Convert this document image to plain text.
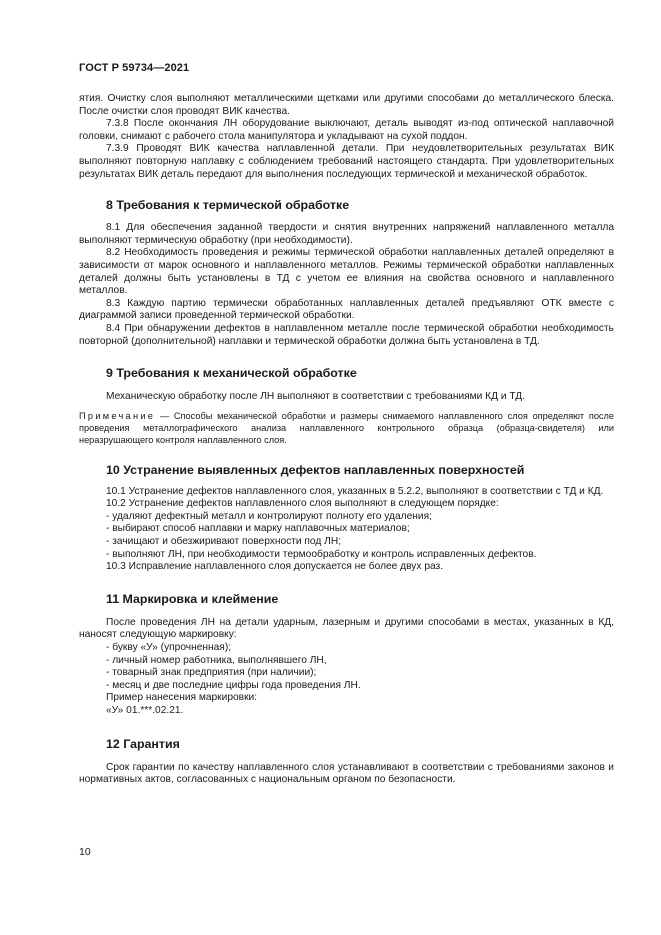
ГОСТ Р 59734—2021

ятия. Очистку слоя выполняют металлическими щетками или другими способами до металлического блеска. После очистки слоя проводят ВИК качества.

7.3.8 После окончания ЛН оборудование выключают, деталь выводят из-под оптической наплавочной головки, снимают с рабочего стола манипулятора и укладывают на сухой поддон.

7.3.9 Проводят ВИК качества наплавленной детали. При неудовлетворительных результатах ВИК выполняют повторную наплавку с соблюдением требований настоящего стандарта. При удовлетворительных результатах ВИК деталь передают для выполнения последующих термической и механической обработок.

8 Требования к термической обработке

8.1 Для обеспечения заданной твердости и снятия внутренних напряжений наплавленного металла выполняют термическую обработку (при необходимости).

8.2 Необходимость проведения и режимы термической обработки наплавленных деталей определяют в зависимости от марок основного и наплавленного металлов. Режимы термической обработки наплавленных деталей должны быть установлены в ТД с учетом ее влияния на свойства основного и наплавленного металлов.

8.3 Каждую партию термически обработанных наплавленных деталей предъявляют ОТК вместе с диаграммой записи проведенной термической обработки.

8.4 При обнаружении дефектов в наплавленном металле после термической обработки необходимость повторной (дополнительной) наплавки и термической обработки должна быть установлена в ТД.

9 Требования к механической обработке

Механическую обработку после ЛН выполняют в соответствии с требованиями КД и ТД.

Примечание — Способы механической обработки и размеры снимаемого наплавленного слоя определяют после проведения металлографического анализа наплавленного контрольного образца (образца-свидетеля) или неразрушающего контроля наплавленного слоя.

10 Устранение выявленных дефектов наплавленных поверхностей

10.1 Устранение дефектов наплавленного слоя, указанных в 5.2.2, выполняют в соответствии с ТД и КД.

10.2 Устранение дефектов наплавленного слоя выполняют в следующем порядке:

- удаляют дефектный металл и контролируют полноту его удаления;

- выбирают способ наплавки и марку наплавочных материалов;

- зачищают и обезжиривают поверхности под ЛН;

- выполняют ЛН, при необходимости термообработку и контроль исправленных дефектов.

10.3 Исправление наплавленного слоя допускается не более двух раз.

11 Маркировка и клеймение

После проведения ЛН на детали ударным, лазерным и другими способами в местах, указанных в КД, наносят следующую маркировку:

- букву «У» (упрочненная);

- личный номер работника, выполнявшего ЛН,

- товарный знак предприятия (при наличии);

- месяц и две последние цифры года проведения ЛН.

Пример нанесения маркировки:

«У» 01.***.02.21.

12 Гарантия

Срок гарантии по качеству наплавленного слоя устанавливают в соответствии с требованиями законов и нормативных актов, согласованных с национальным органом по безопасности.

10
